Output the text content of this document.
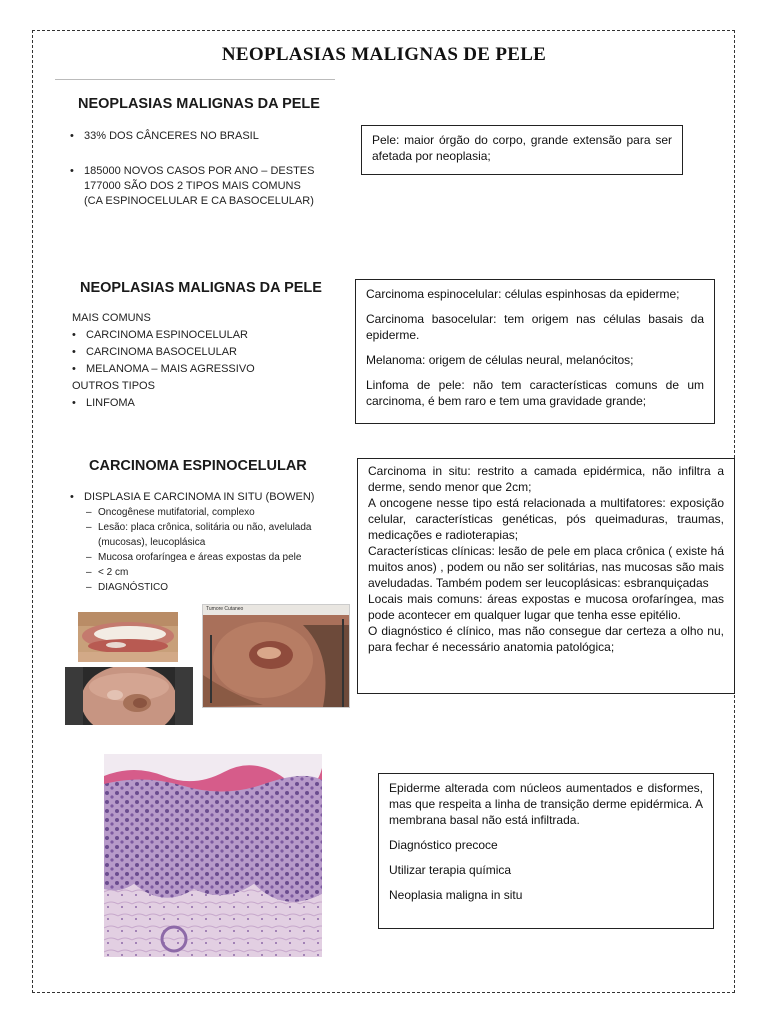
NEOPLASIAS MALIGNAS DE PELE
NEOPLASIAS MALIGNAS DA PELE
• 33% DOS CÂNCERES NO BRASIL
• 185000 NOVOS CASOS POR ANO – DESTES 177000 SÃO DOS 2 TIPOS MAIS COMUNS (CA ESPINOCELULAR E CA BASOCELULAR)

Pele: maior órgão do corpo, grande extensão para ser afetada por neoplasia;

NEOPLASIAS MALIGNAS DA PELE
MAIS COMUNS
• CARCINOMA ESPINOCELULAR
• CARCINOMA BASOCELULAR
• MELANOMA – MAIS AGRESSIVO
OUTROS TIPOS
• LINFOMA

Carcinoma espinocelular: células espinhosas da epiderme;

Carcinoma basocelular: tem origem nas células basais da epiderme.

Melanoma: origem de células neural, melanócitos;

Linfoma de pele: não tem características comuns de um carcinoma, é bem raro e tem uma gravidade grande;

CARCINOMA ESPINOCELULAR
• DISPLASIA E CARCINOMA IN SITU (BOWEN)
– Oncogênese mutifatorial, complexo
– Lesão: placa crônica, solitária ou não, avelulada (mucosas), leucoplásica
– Mucosa orofaríngea e áreas expostas da pele
– < 2 cm
– DIAGNÓSTICO
Tumore Cutaneo

Carcinoma in situ: restrito a camada epidérmica, não infiltra a derme, sendo menor que 2cm;

A oncogene nesse tipo está relacionada a multifatores: exposição celular, características genéticas, pós queimaduras, traumas, medicações e radioterapias;

Características clínicas: lesão de pele em placa crônica ( existe há muitos anos) , podem ou não ser solitárias, nas mucosas são mais aveludadas. Também podem ser leucoplásicas: esbranquiçadas

Locais mais comuns: áreas expostas e mucosa orofaríngea, mas pode acontecer em qualquer lugar que tenha esse epitélio.

O diagnóstico é clínico, mas não consegue dar certeza a olho nu, para fechar é necessário anatomia patológica;

Epiderme alterada com núcleos aumentados e disformes, mas que respeita a linha de transição derme epidérmica. A membrana basal não está infiltrada.

Diagnóstico precoce

Utilizar terapia química

Neoplasia maligna in situ
